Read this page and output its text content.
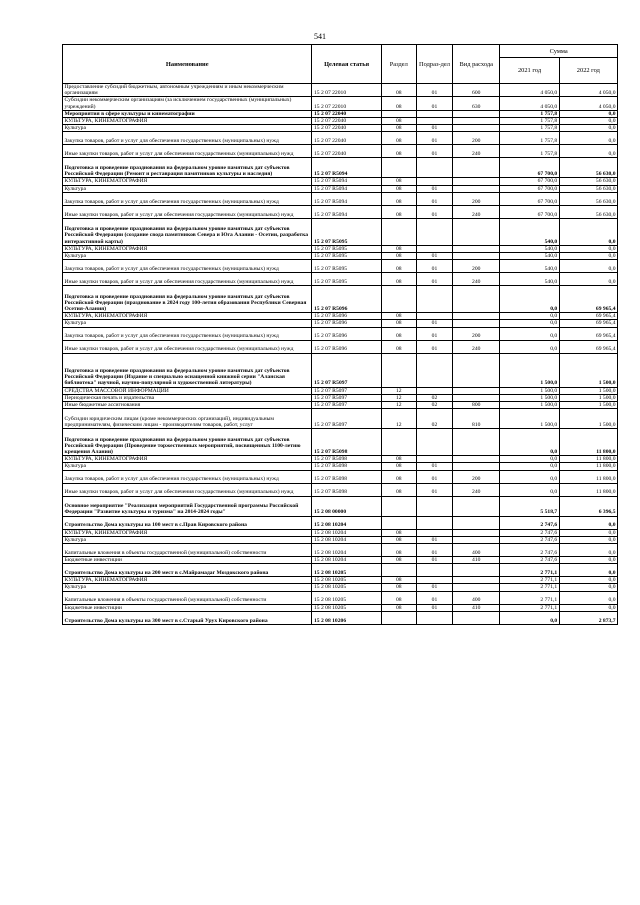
541
Наименование	Целевая статья	Раздел	Подраз-дел	Вид расхода	Сумма	
					2021 год	2022 год
Предоставление субсидий бюджетным, автономным учреждениям и иным некоммерческим организациям	15 2 07 22010	08	01	600	4 050,0	4 050,0
Субсидии некоммерческим организациям (за исключением государственных (муниципальных) учреждений)	15 2 07 22010	08	01	630	4 050,0	4 050,0
Мероприятия в сфере культуры и кинематографии	15 2 07 22040				1 757,8	0,0
КУЛЬТУРА, КИНЕМАТОГРАФИЯ	15 2 07 22040	08			1 757,8	0,0
Культура	15 2 07 22040	08	01		1 757,8	0,0
Закупка товаров, работ и услуг для обеспечения государственных (муниципальных) нужд	15 2 07 22040	08	01	200	1 757,8	0,0
Иные закупки товаров, работ и услуг для обеспечения государственных (муниципальных) нужд	15 2 07 22040	08	01	240	1 757,8	0,0
Подготовка и проведение празднования на федеральном уровне памятных дат субъектов Российской Федерации (Ремонт и реставрация памятников культуры и наследия)	15 2 07 R5094				67 700,0	56 630,0
КУЛЬТУРА, КИНЕМАТОГРАФИЯ	15 2 07 R5094	08			67 700,0	56 630,0
Культура	15 2 07 R5094	08	01		67 700,0	56 630,0
Закупка товаров, работ и услуг для обеспечения государственных (муниципальных) нужд	15 2 07 R5094	08	01	200	67 700,0	56 630,0
Иные закупки товаров, работ и услуг для обеспечения государственных (муниципальных) нужд	15 2 07 R5094	08	01	240	67 700,0	56 630,0
Подготовка и проведение празднования на федеральном уровне памятных дат субъектов Российской Федерации (создание свода памятников Севера и Юга Алании - Осетии, разработка интерактивной карты)	15 2 07 R5095				540,0	0,0
КУЛЬТУРА, КИНЕМАТОГРАФИЯ	15 2 07 R5095	08			540,0	0,0
Культура	15 2 07 R5095	08	01		540,0	0,0
Закупка товаров, работ и услуг для обеспечения государственных (муниципальных) нужд	15 2 07 R5095	08	01	200	540,0	0,0
Иные закупки товаров, работ и услуг для обеспечения государственных (муниципальных) нужд	15 2 07 R5095	08	01	240	540,0	0,0
Подготовка и проведение празднования на федеральном уровне памятных дат субъектов Российской Федерации (празднование в 2024 году 100-летия образования Республики Северная Осетия-Алания)	15 2 07 R5096				0,0	69 965,4
КУЛЬТУРА, КИНЕМАТОГРАФИЯ	15 2 07 R5096	08			0,0	69 965,4
Культура	15 2 07 R5096	08	01		0,0	69 965,4
Закупка товаров, работ и услуг для обеспечения государственных (муниципальных) нужд	15 2 07 R5096	08	01	200	0,0	69 965,4
Иные закупки товаров, работ и услуг для обеспечения государственных (муниципальных) нужд	15 2 07 R5096	08	01	240	0,0	69 965,4
Подготовка и проведение празднования на федеральном уровне памятных дат субъектов Российской Федерации (Издание и специально оснащенной книжной серии "Аланская библиотека" научной, научно-популярной и художественной литературы)	15 2 07 R5097				1 500,0	1 500,0
СРЕДСТВА МАССОВОЙ ИНФОРМАЦИИ	15 2 07 R5097	12			1 500,0	1 500,0
Периодическая печать и издательства	15 2 07 R5097	12	02		1 500,0	1 500,0
Иные бюджетные ассигнования	15 2 07 R5097	12	02	800	1 500,0	1 500,0
Субсидии юридическим лицам (кроме некоммерческих организаций), индивидуальным предпринимателям, физическим лицам - производителям товаров, работ, услуг	15 2 07 R5097	12	02	810	1 500,0	1 500,0
Подготовка и проведение празднования на федеральном уровне памятных дат субъектов Российской Федерации (Проведение торжественных мероприятий, посвященных 1100-летию крещения Алании)	15 2 07 R5098				0,0	11 800,0
КУЛЬТУРА, КИНЕМАТОГРАФИЯ	15 2 07 R5098	08			0,0	11 800,0
Культура	15 2 07 R5098	08	01		0,0	11 800,0
Закупка товаров, работ и услуг для обеспечения государственных (муниципальных) нужд	15 2 07 R5098	08	01	200	0,0	11 800,0
Иные закупки товаров, работ и услуг для обеспечения государственных (муниципальных) нужд	15 2 07 R5098	08	01	240	0,0	11 800,0
Основное мероприятие "Реализация мероприятий Государственной программы Российской Федерации "Развитие культуры и туризма" на 2014-2024 годы"	15 2 08 00000				5 518,7	6 396,5
Строительство Дома культуры на 100 мест в с.Прав Кировского района	15 2 08 10204				2 747,6	0,0
КУЛЬТУРА, КИНЕМАТОГРАФИЯ	15 2 08 10204	08			2 747,6	0,0
Культура	15 2 08 10204	08	01		2 747,6	0,0
Капитальные вложения в объекты государственной (муниципальной) собственности	15 2 08 10204	08	01	400	2 747,6	0,0
Бюджетные инвестиции	15 2 08 10204	08	01	410	2 747,6	0,0
Строительство Дома культуры на 200 мест в с.Майрамадаг Моздокского района	15 2 08 10205				2 771,1	0,0
КУЛЬТУРА, КИНЕМАТОГРАФИЯ	15 2 08 10205	08			2 771,1	0,0
Культура	15 2 08 10205	08	01		2 771,1	0,0
Капитальные вложения в объекты государственной (муниципальной) собственности	15 2 08 10205	08	01	400	2 771,1	0,0
Бюджетные инвестиции	15 2 08 10205	08	01	410	2 771,1	0,0
Строительство Дома культуры на 300 мест в с.Старый Урух Кировского района	15 2 08 10206				0,0	2 873,7
